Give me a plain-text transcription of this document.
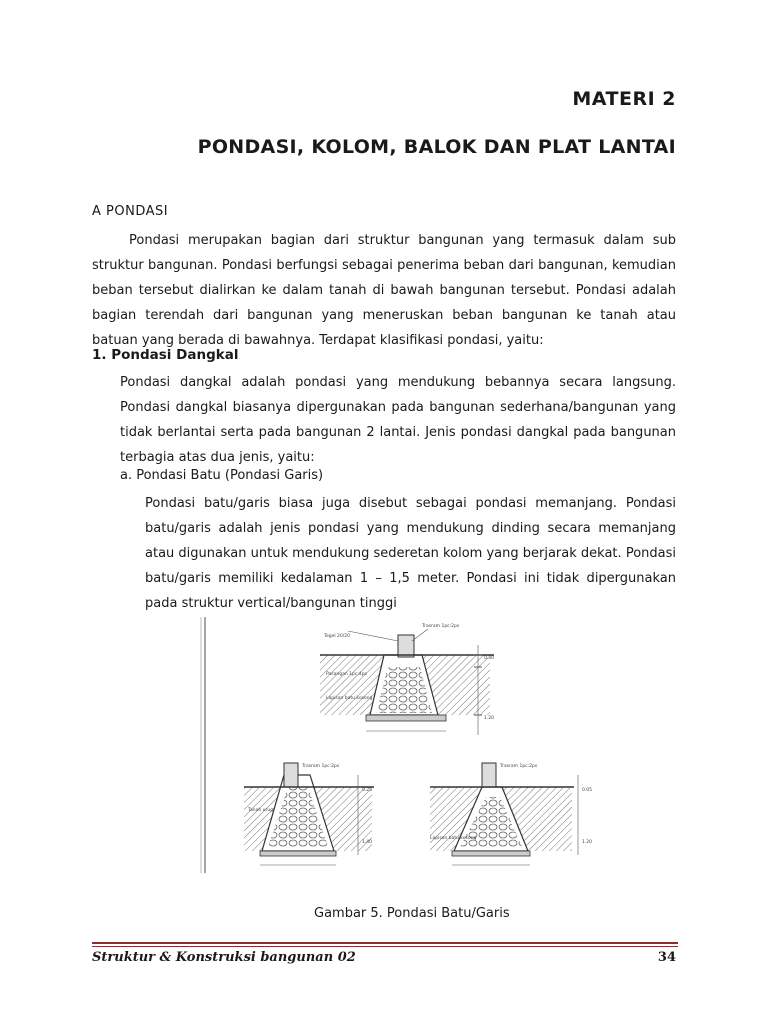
MATERI 2
PONDASI, KOLOM, BALOK DAN PLAT LANTAI
A PONDASI
Pondasi merupakan bagian dari struktur bangunan yang termasuk dalam sub struktur bangunan. Pondasi berfungsi sebagai penerima beban dari bangunan, kemudian beban tersebut dialirkan ke dalam tanah di bawah bangunan tersebut. Pondasi adalah bagian terendah dari bangunan yang meneruskan beban bangunan ke tanah atau batuan yang berada di bawahnya. Terdapat klasifikasi pondasi, yaitu:
1. Pondasi Dangkal
Pondasi dangkal adalah pondasi yang mendukung bebannya secara langsung. Pondasi dangkal biasanya dipergunakan pada bangunan sederhana/bangunan yang tidak berlantai serta pada bangunan 2 lantai. Jenis pondasi dangkal pada bangunan terbagia atas dua jenis, yaitu:
a. Pondasi Batu (Pondasi Garis)
Pondasi batu/garis biasa juga disebut sebagai pondasi memanjang. Pondasi batu/garis adalah jenis pondasi yang mendukung dinding secara memanjang atau digunakan untuk mendukung sederetan kolom yang berjarak dekat. Pondasi batu/garis memiliki kedalaman 1 – 1,5 meter. Pondasi ini tidak dipergunakan pada struktur vertical/bangunan tinggi
Tegel 20/20
Trasram 1pc:2ps
Pasangan 1pc:4ps
Lapisan batu kosong
0.30
1.20
Trasram 1pc:2ps
Tanah urug
0.25
1.40
Trasram 1pc:2ps
Lapisan batu kosong
0.05
1.20
Gambar 5. Pondasi Batu/Garis
Struktur & Konstruksi bangunan 02	34
